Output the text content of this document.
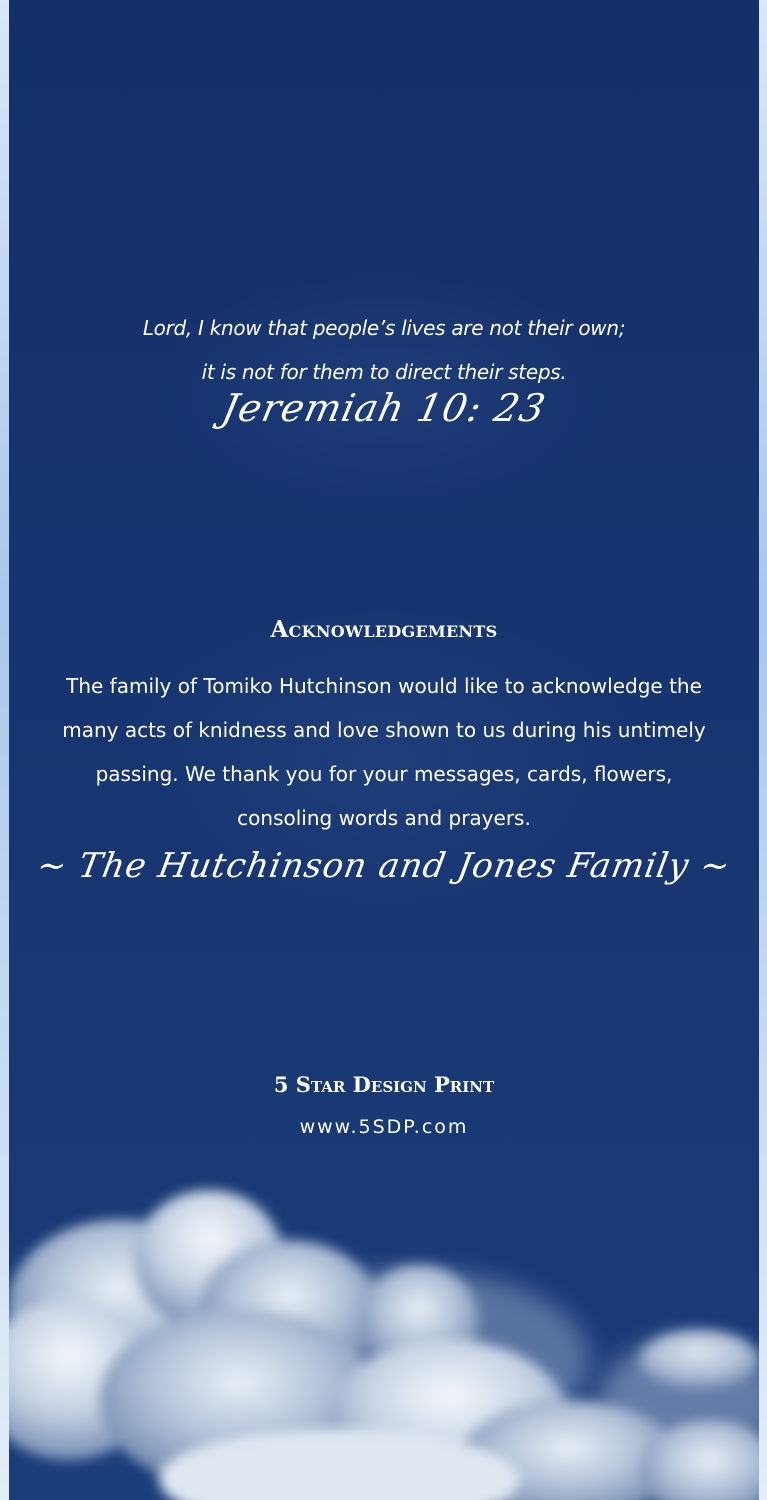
Lord, I know that people’s lives are not their own;
it is not for them to direct their steps.
Jeremiah 10: 23
Acknowledgements
The family of Tomiko Hutchinson would like to acknowledge the
many acts of knidness and love shown to us during his untimely
passing. We thank you for your messages, cards, flowers,
consoling words and prayers.
~ The Hutchinson and Jones Family ~
5 Star Design Print
www.5SDP.com
